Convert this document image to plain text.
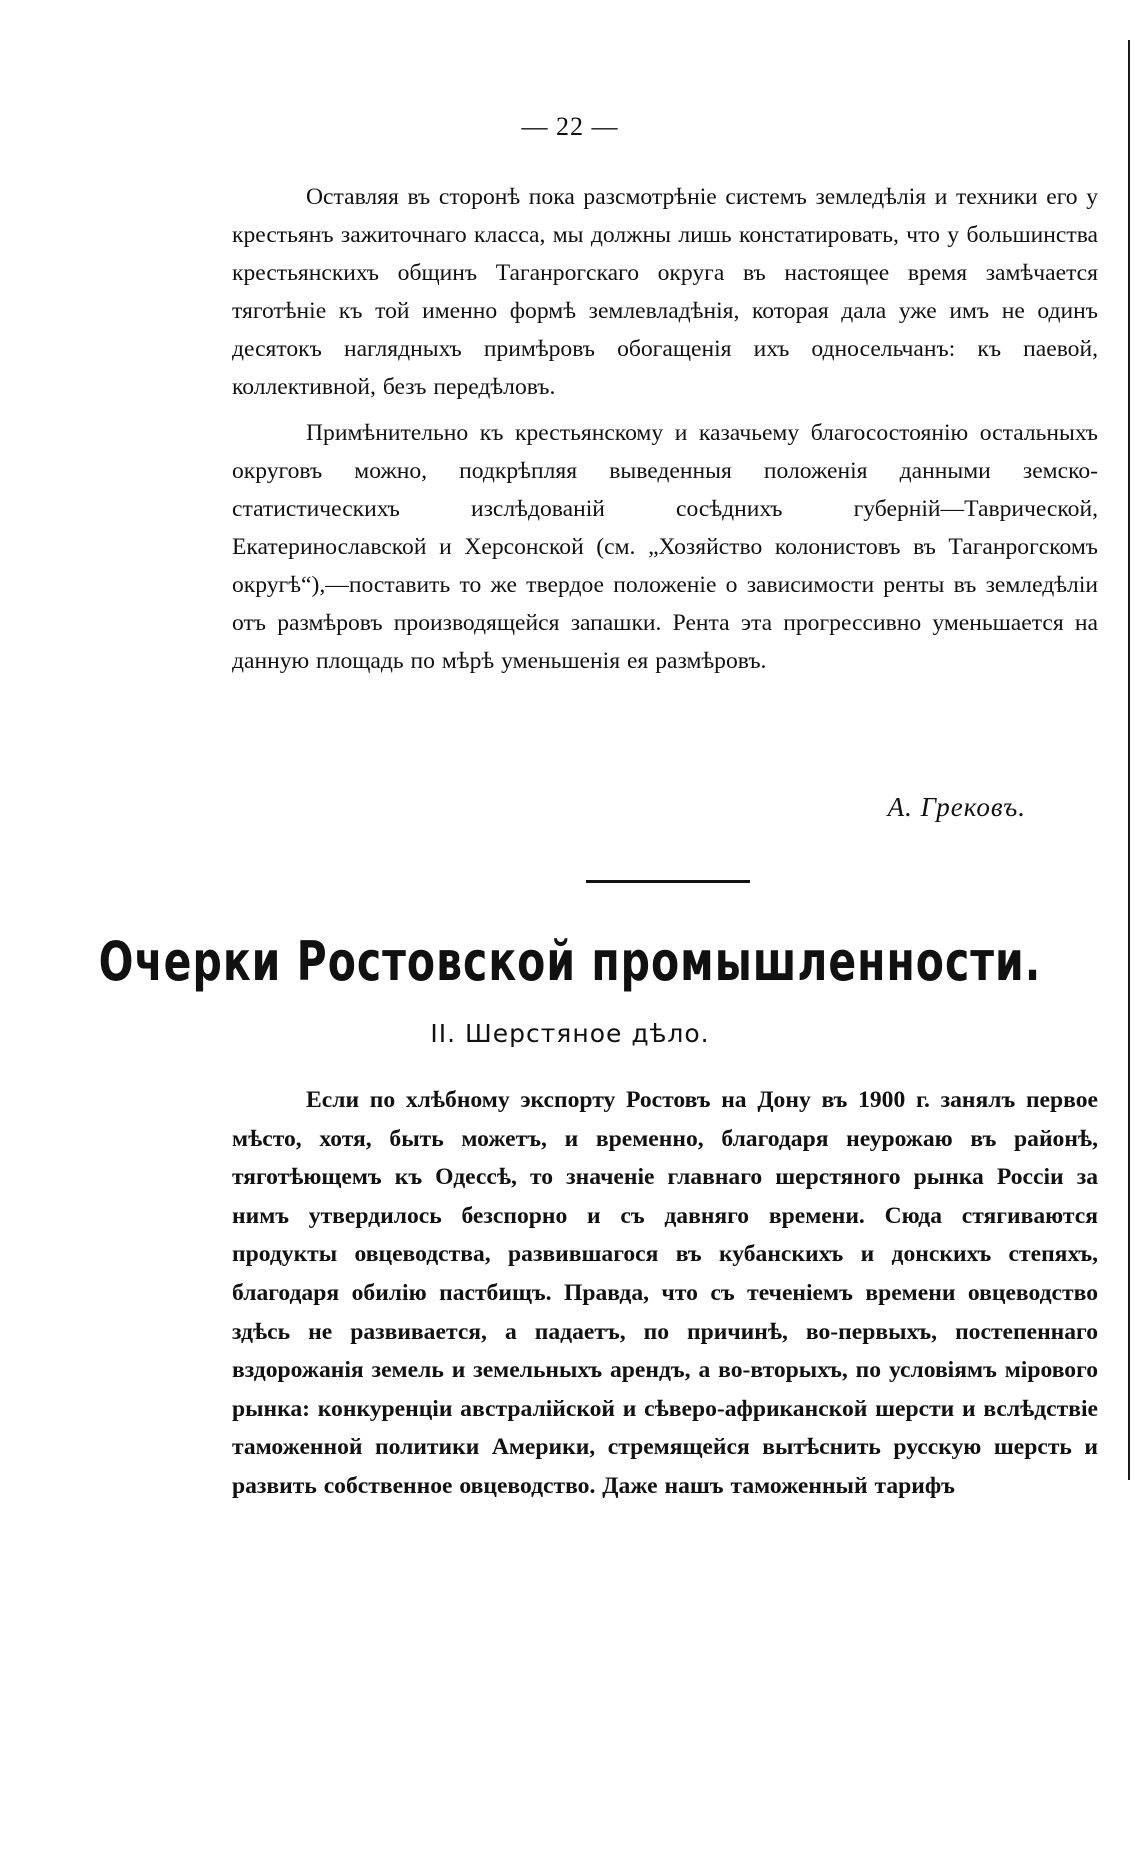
— 22 —

Оставляя въ сторонѣ пока разсмотрѣніе системъ земледѣлія и техники его у крестьянъ зажиточнаго класса, мы должны лишь констатировать, что у большинства крестьянскихъ общинъ Таганрогскаго округа въ настоящее время замѣчается тяготѣніе къ той именно формѣ землевладѣнія, которая дала уже имъ не одинъ десятокъ наглядныхъ примѣровъ обогащенія ихъ односельчанъ: къ паевой, коллективной, безъ передѣловъ.

Примѣнительно къ крестьянскому и казачьему благосостоянію остальныхъ округовъ можно, подкрѣпляя выведенныя положенія данными земско-статистическихъ изслѣдованій сосѣднихъ губерній—Таврической, Екатеринославской и Херсонской (см. „Хозяйство колонистовъ въ Таганрогскомъ округѣ“),—поставить то же твердое положеніе о зависимости ренты въ земледѣліи отъ размѣровъ производящейся запашки. Рента эта прогрессивно уменьшается на данную площадь по мѣрѣ уменьшенія ея размѣровъ.

А. Грековъ.
Очерки Ростовской промышленности.
II. Шерстяное дѣло.

Если по хлѣбному экспорту Ростовъ на Дону въ 1900 г. занялъ первое мѣсто, хотя, быть можетъ, и временно, благодаря неурожаю въ районѣ, тяготѣющемъ къ Одессѣ, то значеніе главнаго шерстяного рынка Россіи за нимъ утвердилось безспорно и съ давняго времени. Сюда стягиваются продукты овцеводства, развившагося въ кубанскихъ и донскихъ степяхъ, благодаря обилію пастбищъ. Правда, что съ теченіемъ времени овцеводство здѣсь не развивается, а падаетъ, по причинѣ, во-первыхъ, постепеннаго вздорожанія земель и земельныхъ арендъ, а во-вторыхъ, по условіямъ мірового рынка: конкуренціи австралійской и сѣверо-африканской шерсти и вслѣдствіе таможенной политики Америки, стремящейся вытѣснить русскую шерсть и развить собственное овцеводство. Даже нашъ таможенный тарифъ
